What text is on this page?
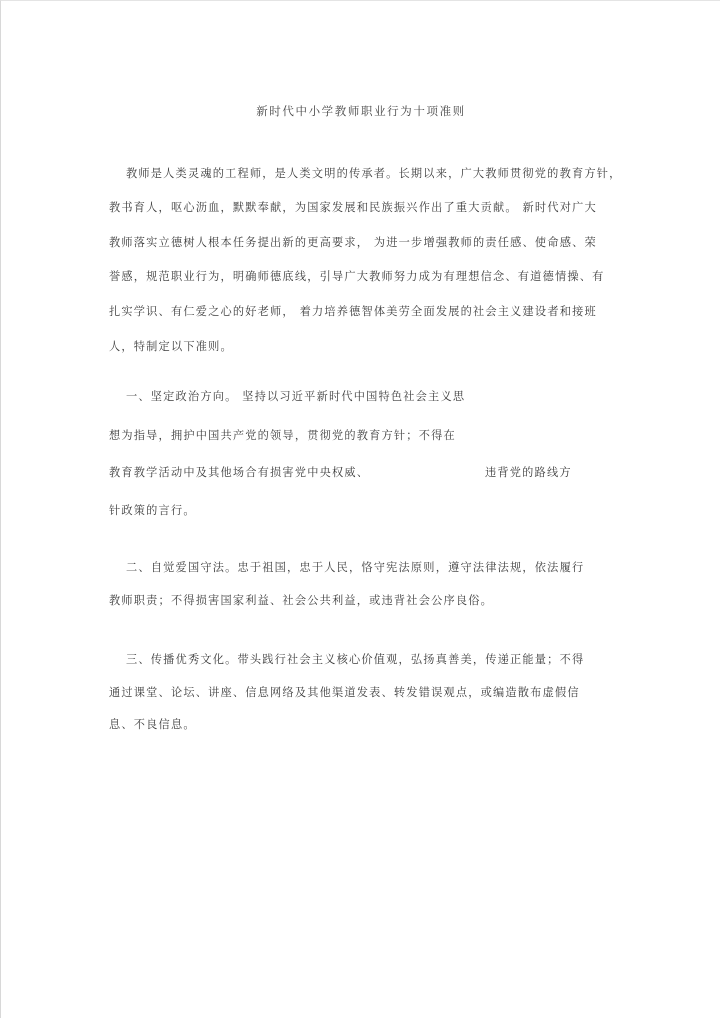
新时代中小学教师职业行为十项准则
教师是人类灵魂的工程师，是人类文明的传承者。长期以来，广大教师贯彻党的教育方针，
教书育人，呕心沥血，默默奉献，为国家发展和民族振兴作出了重大贡献。 新时代对广大
教师落实立德树人根本任务提出新的更高要求， 为进一步增强教师的责任感、使命感、荣
誉感，规范职业行为，明确师德底线，引导广大教师努力成为有理想信念、有道德情操、有
扎实学识、有仁爱之心的好老师， 着力培养德智体美劳全面发展的社会主义建设者和接班
人，特制定以下准则。
一、坚定政治方向。 坚持以习近平新时代中国特色社会主义思
想为指导，拥护中国共产党的领导，贯彻党的教育方针；不得在
教育教学活动中及其他场合有损害党中央权威、	违背党的路线方
针政策的言行。
二、自觉爱国守法。忠于祖国，忠于人民，恪守宪法原则，遵守法律法规，依法履行
教师职责；不得损害国家利益、社会公共利益，或违背社会公序良俗。
三、传播优秀文化。带头践行社会主义核心价值观，弘扬真善美，传递正能量；不得
通过课堂、论坛、讲座、信息网络及其他渠道发表、转发错误观点，或编造散布虚假信
息、不良信息。
